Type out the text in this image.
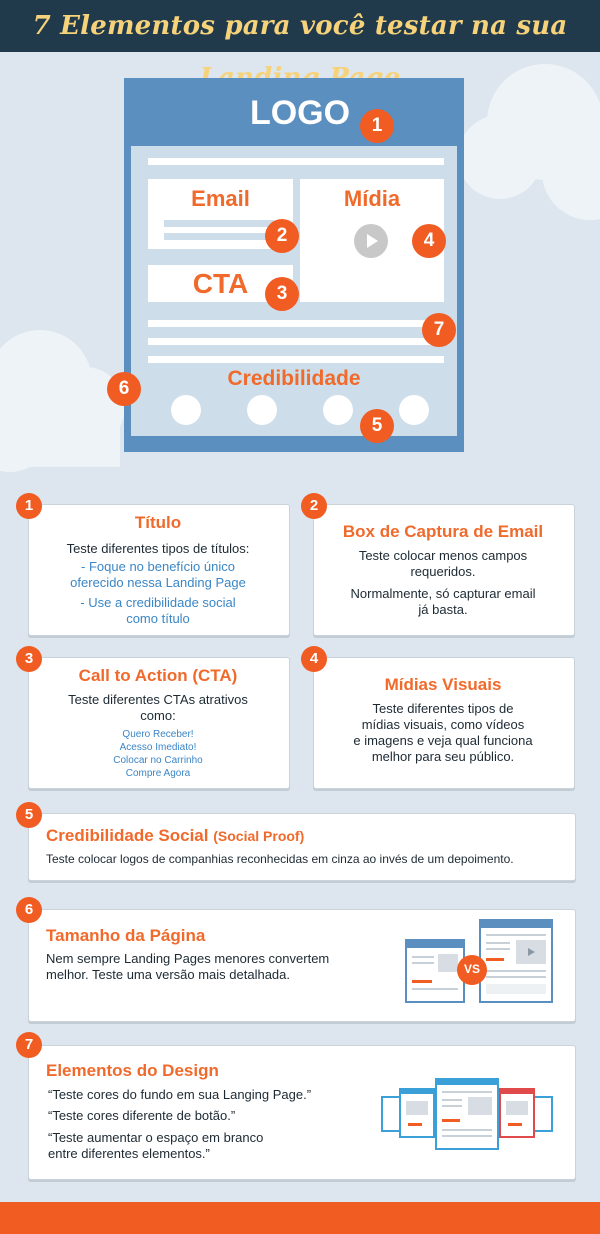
7 Elementos para você testar na sua
LOGO
Email	Mídia
CTA
Credibilidade
1
2
3
4
5
6
7
1
Título
Teste diferentes tipos de títulos:
- Foque no benefício único
oferecido nessa Landing Page
- Use a credibilidade social
como título
2
Box de Captura de Email
Teste colocar menos campos
requeridos.
Normalmente, só capturar email
já basta.
3
Call to Action (CTA)
Teste diferentes CTAs atrativos
como:
Quero Receber!
Acesso Imediato!
Colocar no Carrinho
Compre Agora
4
Mídias Visuais
Teste diferentes tipos de
mídias visuais, como vídeos
e imagens e veja qual funciona
melhor para seu público.
5
Credibilidade Social (Social Proof)
Teste colocar logos de companhias reconhecidas em cinza ao invés de um depoimento.
6
Tamanho da Página
Nem sempre Landing Pages menores convertem
melhor. Teste uma versão mais detalhada.	VS
7
Elementos do Design
“Teste cores do fundo em sua Langing Page.”
“Teste cores diferente de botão.”
“Teste aumentar o espaço em branco
entre diferentes elementos.”
